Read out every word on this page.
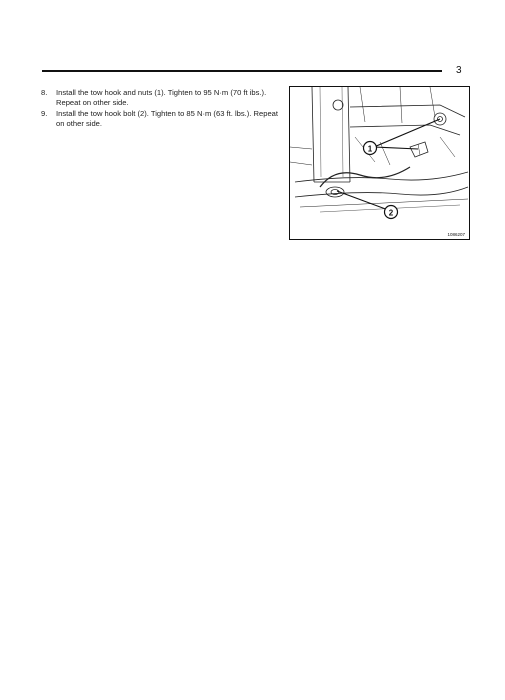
3
8.	Install the tow hook and nuts (1). Tighten to 95 N·m (70 ft ibs.). Repeat on other side.
9.	Install the tow hook bolt (2). Tighten to 85 N·m (63 ft. lbs.). Repeat on other side.
1
2
1086207
